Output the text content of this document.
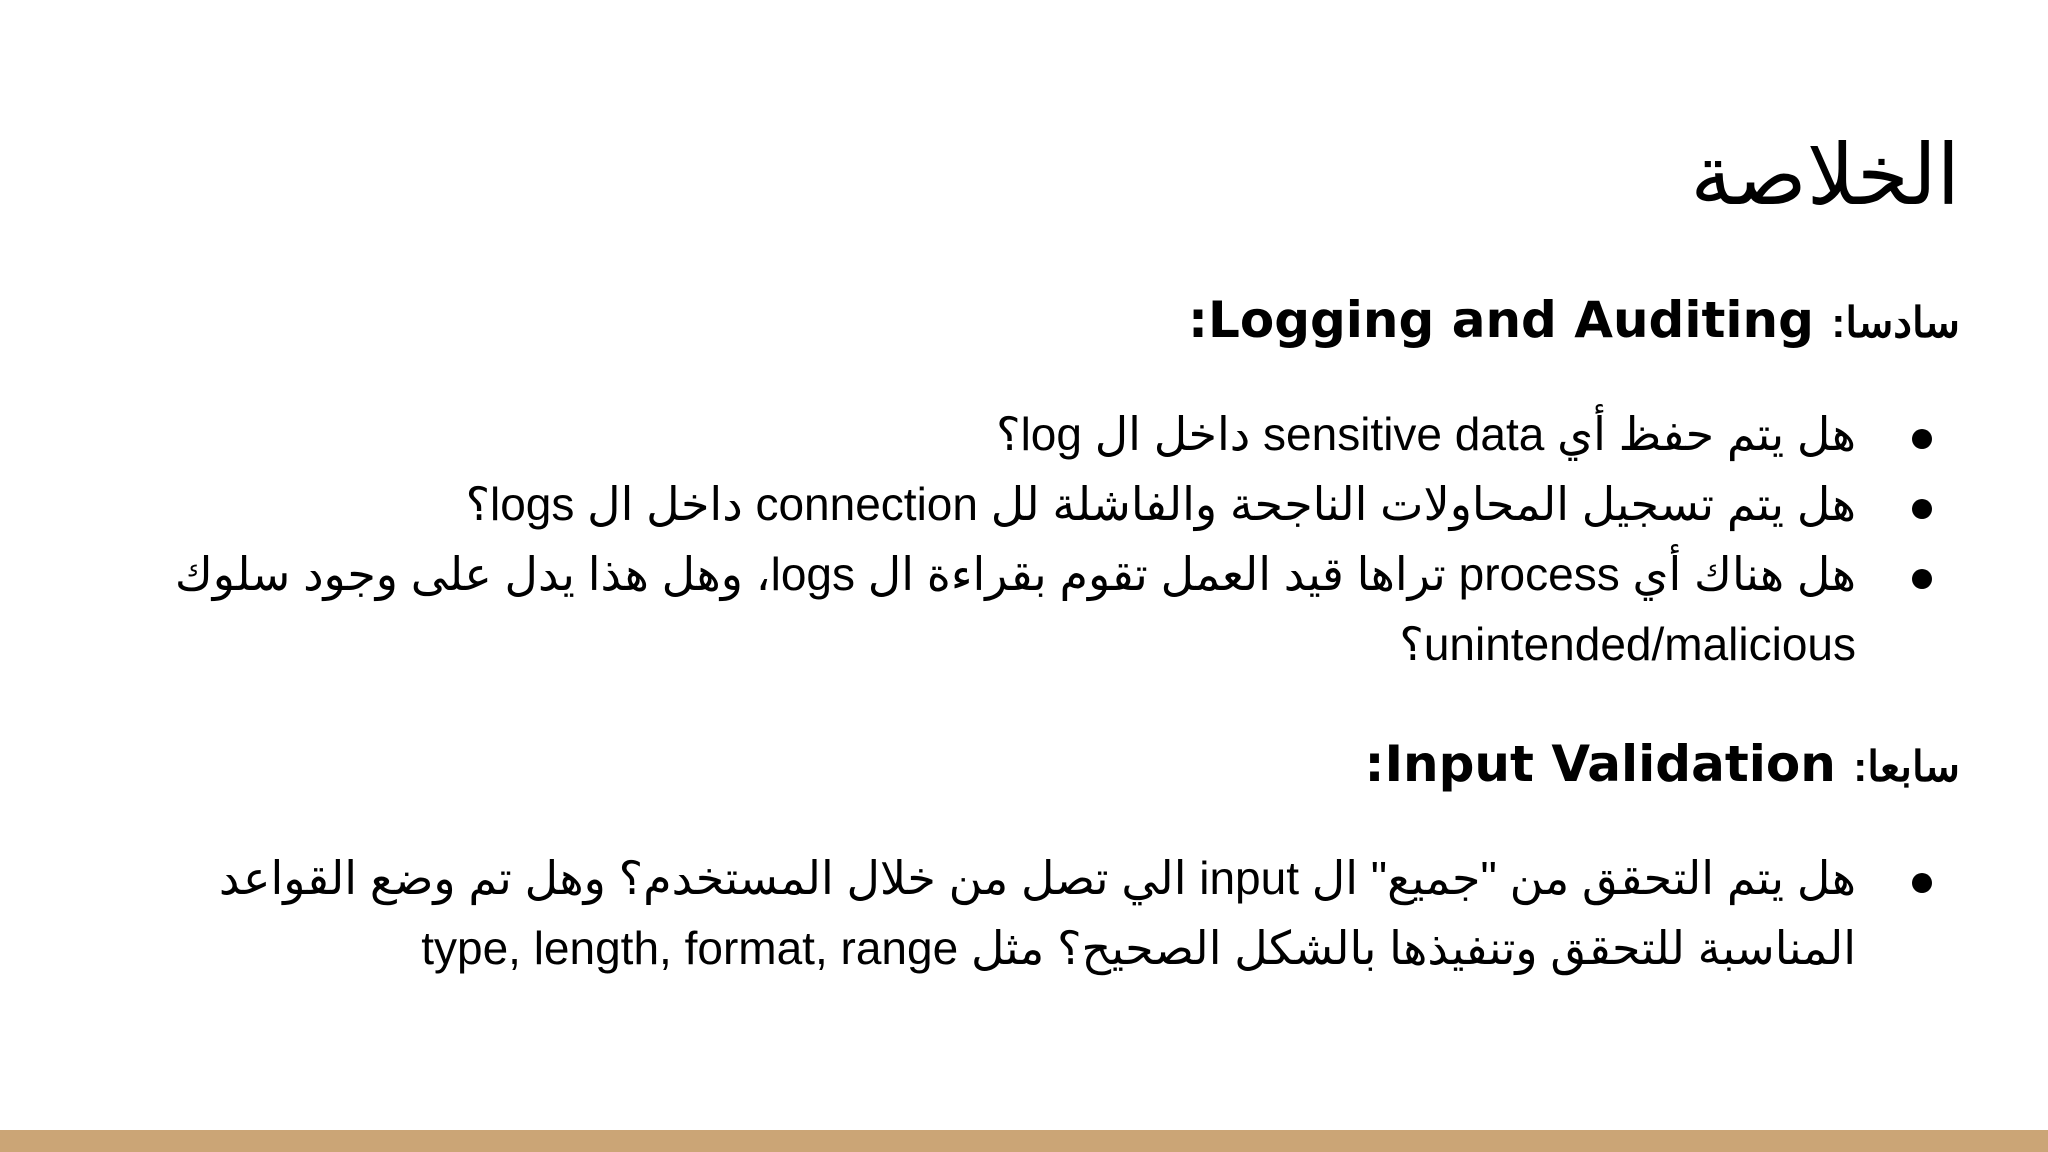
الخلاصة

سادسا: Logging and Auditing:

هل يتم حفظ أي sensitive data داخل ال log؟
هل يتم تسجيل المحاولات الناجحة والفاشلة لل connection داخل ال logs؟
هل هناك أي process تراها قيد العمل تقوم بقراءة ال logs، وهل هذا يدل على وجود سلوك unintended/malicious؟

سابعا: Input Validation:

هل يتم التحقق من "جميع" ال input الي تصل من خلال المستخدم؟ وهل تم وضع القواعد المناسبة للتحقق وتنفيذها بالشكل الصحيح؟ مثل type, length, format, range
